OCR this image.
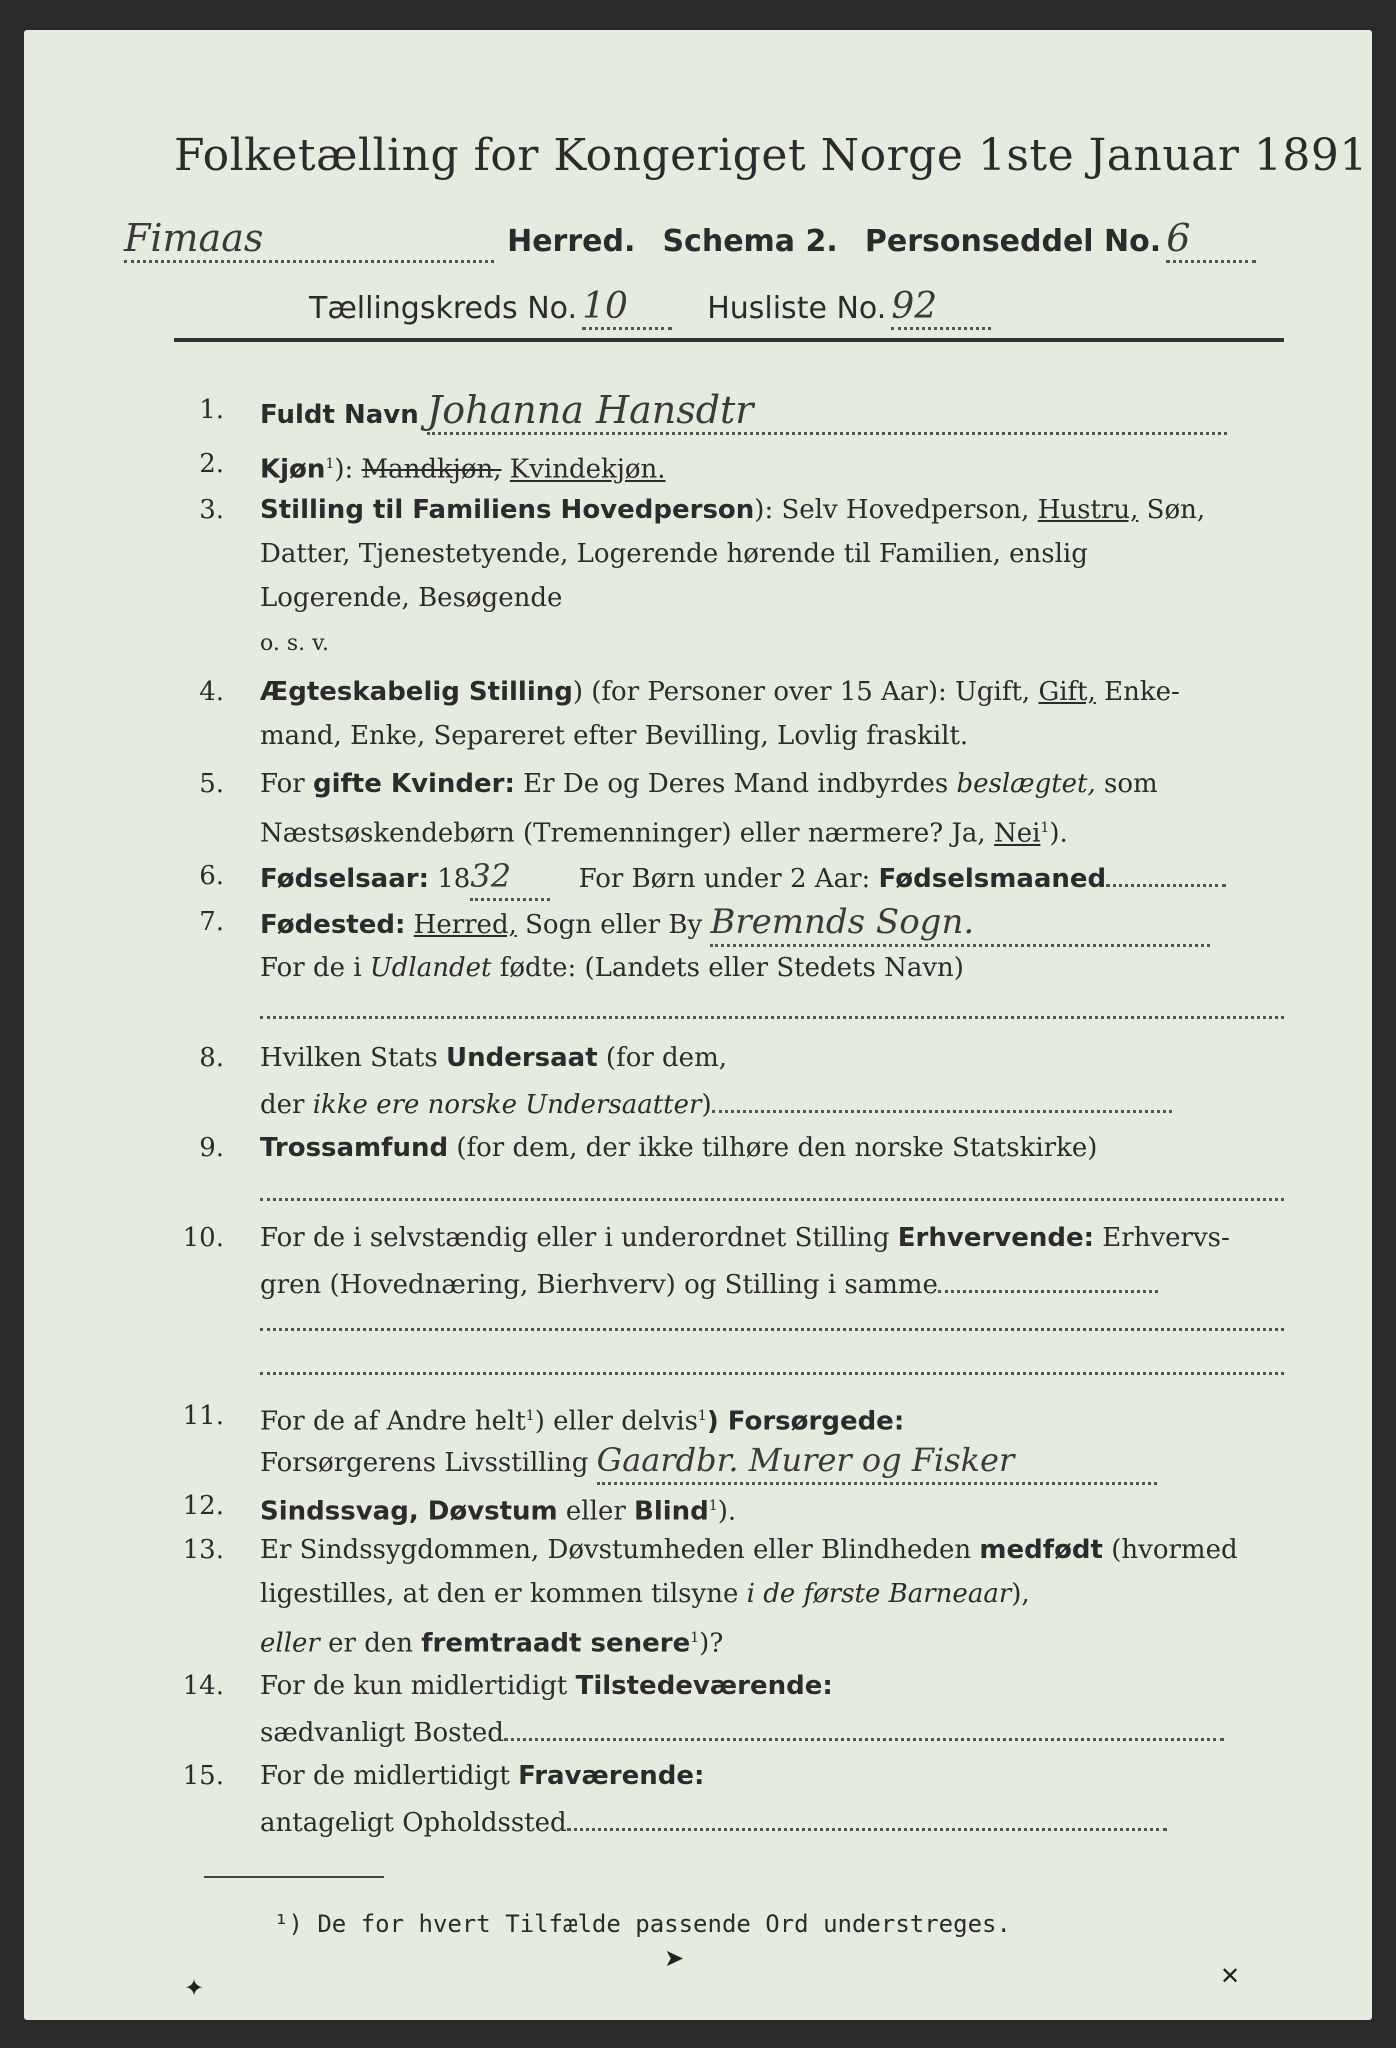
Folketælling for Kongeriget Norge 1ste Januar 1891.
Fimaas	Herred. Schema 2. Personseddel No. 6
Tællingskreds No. 10	Husliste No. 92
1. Fuldt Navn Johanna Hansdtr
2. Kjøn$^1$): Mandkjøn, Kvindekjøn.
3. Stilling til Familiens Hovedperson): Selv Hovedperson, Hustru, Søn,
Datter, Tjenestetyende, Logerende hørende til Familien, enslig
Logerende, Besøgende
o. s. v.
4. Ægteskabelig Stilling) (for Personer over 15 Aar): Ugift, Gift, Enke-
mand, Enke, Separeret efter Bevilling, Lovlig fraskilt.
5. For gifte Kvinder: Er De og Deres Mand indbyrdes beslægtet, som
Næstsøskendebørn (Tremenninger) eller nærmere? Ja, Nei$^1$).
6. Fødselsaar: 1832	For Børn under 2 Aar: Fødselsmaaned
7. Fødested: Herred, Sogn eller By Bremnds Sogn.
For de i Udlandet fødte: (Landets eller Stedets Navn)
8. Hvilken Stats Undersaat (for dem,
der ikke ere norske Undersaatter)
9. Trossamfund (for dem, der ikke tilhøre den norske Statskirke)
10. For de i selvstændig eller i underordnet Stilling Erhvervende: Erhvervs-
gren (Hovednæring, Bierhverv) og Stilling i samme
11. For de af Andre helt$^1$) eller delvis$^1$) Forsørgede:
Forsørgerens Livsstilling Gaardbr. Murer og Fisker
12. Sindssvag, Døvstum eller Blind$^1$).
13. Er Sindssygdommen, Døvstumheden eller Blindheden medfødt (hvormed
ligestilles, at den er kommen tilsyne i de første Barneaar),
eller er den fremtraadt senere$^1$)?
14. For de kun midlertidigt Tilstedeværende:
sædvanligt Bosted
15. For de midlertidigt Fraværende:
antageligt Opholdssted
¹) De for hvert Tilfælde passende Ord understreges.
✦
➤
✕
